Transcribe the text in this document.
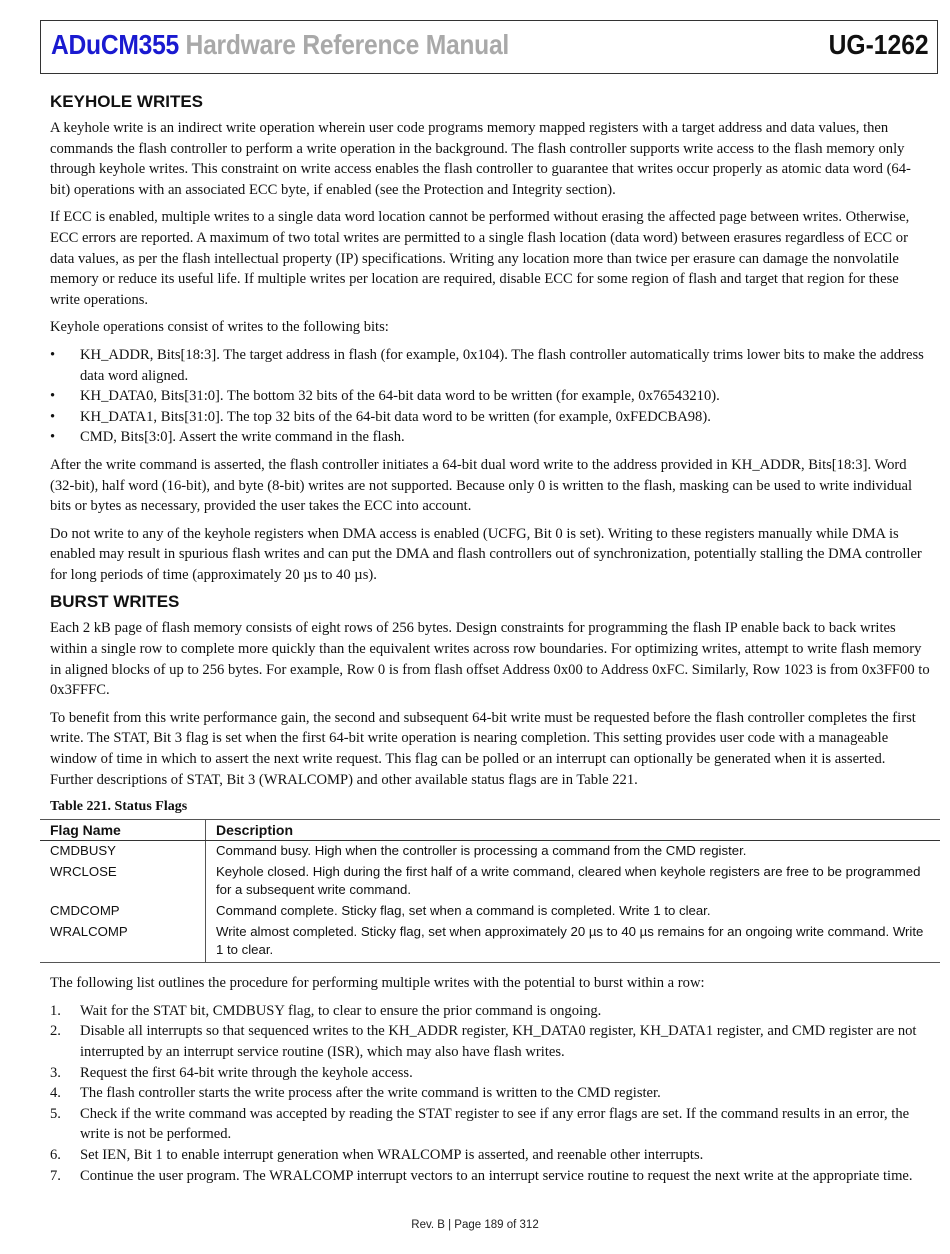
ADuCM355 Hardware Reference Manual	UG-1262
KEYHOLE WRITES

A keyhole write is an indirect write operation wherein user code programs memory mapped registers with a target address and data values, then commands the flash controller to perform a write operation in the background. The flash controller supports write access to the flash memory only through keyhole writes. This constraint on write access enables the flash controller to guarantee that writes occur properly as atomic data word (64-bit) operations with an associated ECC byte, if enabled (see the Protection and Integrity section).

If ECC is enabled, multiple writes to a single data word location cannot be performed without erasing the affected page between writes. Otherwise, ECC errors are reported. A maximum of two total writes are permitted to a single flash location (data word) between erasures regardless of ECC or data values, as per the flash intellectual property (IP) specifications. Writing any location more than twice per erasure can damage the nonvolatile memory or reduce its useful life. If multiple writes per location are required, disable ECC for some region of flash and target that region for these write operations.

Keyhole operations consist of writes to the following bits:

• KH_ADDR, Bits[18:3]. The target address in flash (for example, 0x104). The flash controller automatically trims lower bits to make the address data word aligned.
• KH_DATA0, Bits[31:0]. The bottom 32 bits of the 64-bit data word to be written (for example, 0x76543210).
• KH_DATA1, Bits[31:0]. The top 32 bits of the 64-bit data word to be written (for example, 0xFEDCBA98).
• CMD, Bits[3:0]. Assert the write command in the flash.

After the write command is asserted, the flash controller initiates a 64-bit dual word write to the address provided in KH_ADDR, Bits[18:3]. Word (32-bit), half word (16-bit), and byte (8-bit) writes are not supported. Because only 0 is written to the flash, masking can be used to write individual bits or bytes as necessary, provided the user takes the ECC into account.

Do not write to any of the keyhole registers when DMA access is enabled (UCFG, Bit 0 is set). Writing to these registers manually while DMA is enabled may result in spurious flash writes and can put the DMA and flash controllers out of synchronization, potentially stalling the DMA controller for long periods of time (approximately 20 µs to 40 µs).

BURST WRITES

Each 2 kB page of flash memory consists of eight rows of 256 bytes. Design constraints for programming the flash IP enable back to back writes within a single row to complete more quickly than the equivalent writes across row boundaries. For optimizing writes, attempt to write flash memory in aligned blocks of up to 256 bytes. For example, Row 0 is from flash offset Address 0x00 to Address 0xFC. Similarly, Row 1023 is from 0x3FF00 to 0x3FFFC.

To benefit from this write performance gain, the second and subsequent 64-bit write must be requested before the flash controller completes the first write. The STAT, Bit 3 flag is set when the first 64-bit write operation is nearing completion. This setting provides user code with a manageable window of time in which to assert the next write request. This flag can be polled or an interrupt can optionally be generated when it is asserted. Further descriptions of STAT, Bit 3 (WRALCOMP) and other available status flags are in Table 221.

Table 221. Status Flags
Flag Name	Description
CMDBUSY	Command busy. High when the controller is processing a command from the CMD register.
WRCLOSE	Keyhole closed. High during the first half of a write command, cleared when keyhole registers are free to be programmed for a subsequent write command.
CMDCOMP	Command complete. Sticky flag, set when a command is completed. Write 1 to clear.
WRALCOMP	Write almost completed. Sticky flag, set when approximately 20 µs to 40 µs remains for an ongoing write command. Write 1 to clear.

The following list outlines the procedure for performing multiple writes with the potential to burst within a row:

1. Wait for the STAT bit, CMDBUSY flag, to clear to ensure the prior command is ongoing.
2. Disable all interrupts so that sequenced writes to the KH_ADDR register, KH_DATA0 register, KH_DATA1 register, and CMD register are not interrupted by an interrupt service routine (ISR), which may also have flash writes.
3. Request the first 64-bit write through the keyhole access.
4. The flash controller starts the write process after the write command is written to the CMD register.
5. Check if the write command was accepted by reading the STAT register to see if any error flags are set. If the command results in an error, the write is not be performed.
6. Set IEN, Bit 1 to enable interrupt generation when WRALCOMP is asserted, and reenable other interrupts.
7. Continue the user program. The WRALCOMP interrupt vectors to an interrupt service routine to request the next write at the appropriate time.
Rev. B | Page 189 of 312
